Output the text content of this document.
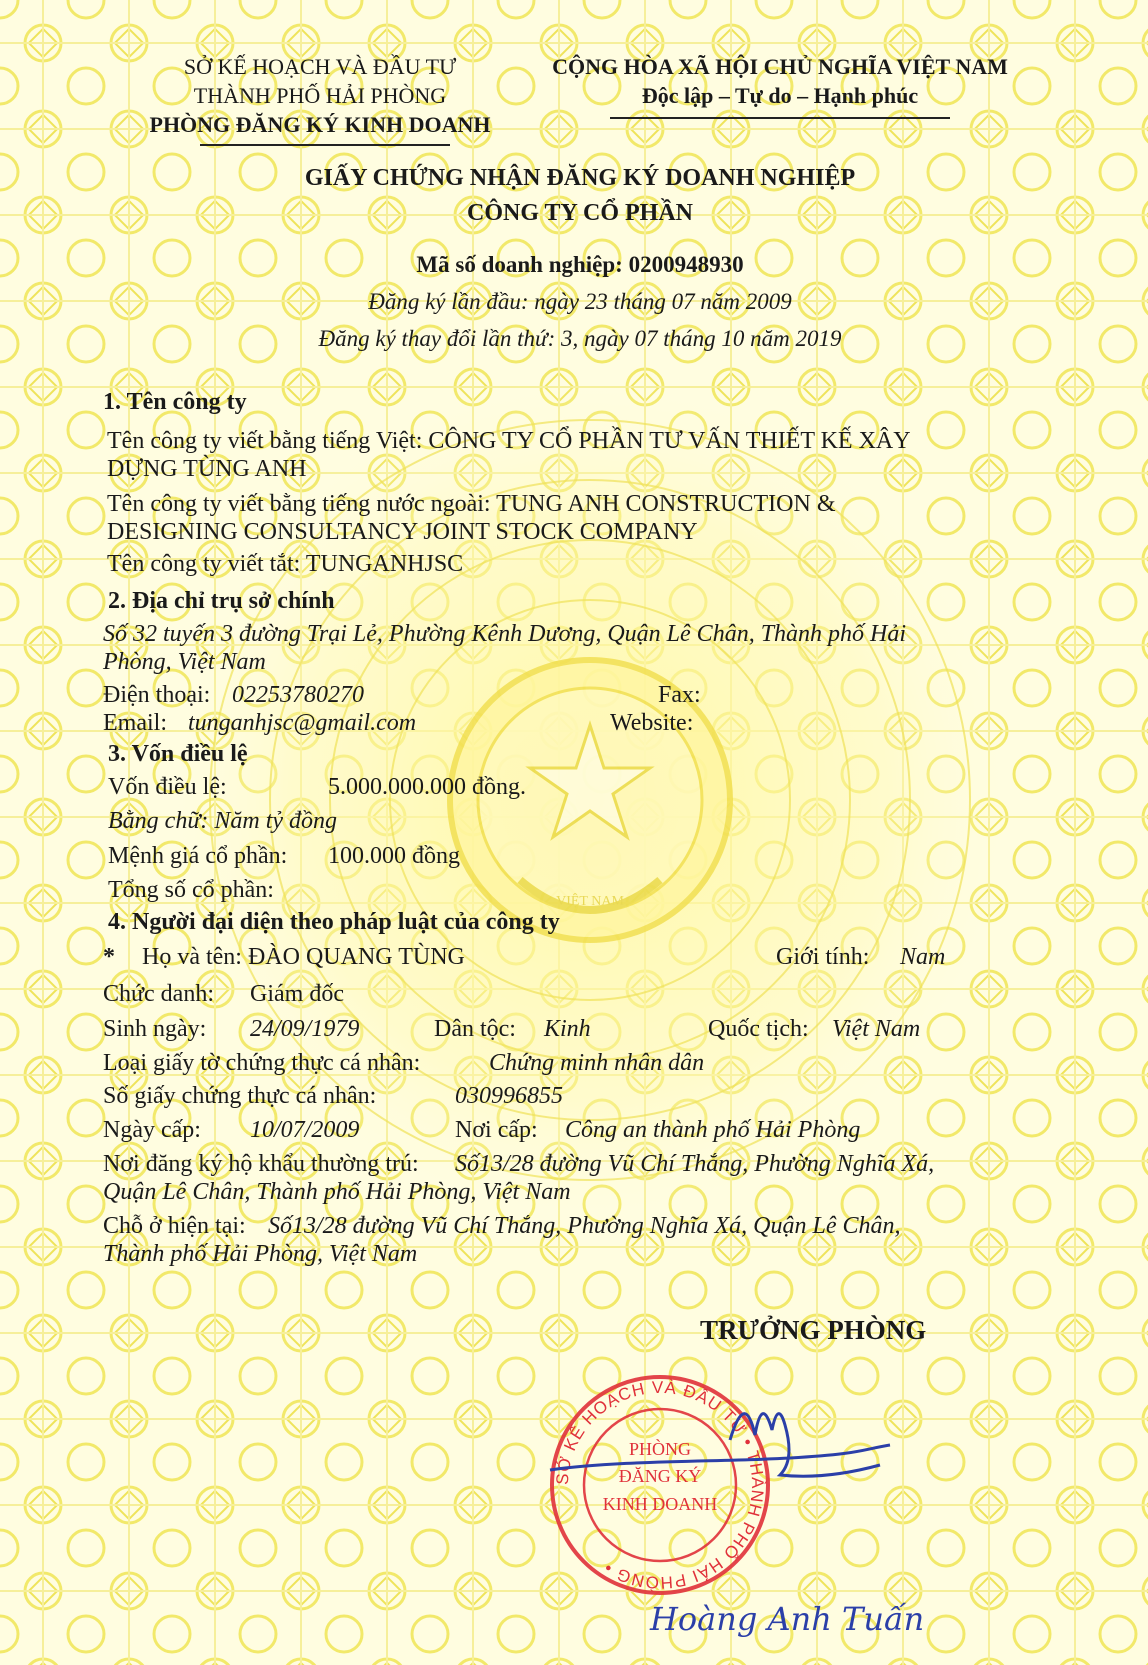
VIỆT NAM
SỞ KẾ HOẠCH VÀ ĐẦU TƯ
THÀNH PHỐ HẢI PHÒNG
PHÒNG ĐĂNG KÝ KINH DOANH
CỘNG HÒA XÃ HỘI CHỦ NGHĨA VIỆT NAM
Độc lập – Tự do – Hạnh phúc
GIẤY CHỨNG NHẬN ĐĂNG KÝ DOANH NGHIỆP
CÔNG TY CỔ PHẦN
Mã số doanh nghiệp: 0200948930
Đăng ký lần đầu: ngày 23 tháng 07 năm 2009
Đăng ký thay đổi lần thứ: 3, ngày 07 tháng 10 năm 2019
1. Tên công ty
Tên công ty viết bằng tiếng Việt: CÔNG TY CỔ PHẦN TƯ VẤN THIẾT KẾ XÂY
DỰNG TÙNG ANH
Tên công ty viết bằng tiếng nước ngoài: TUNG ANH CONSTRUCTION &
DESIGNING CONSULTANCY JOINT STOCK COMPANY
Tên công ty viết tắt: TUNGANHJSC
2. Địa chỉ trụ sở chính
Số 32 tuyến 3 đường Trại Lẻ, Phường Kênh Dương, Quận Lê Chân, Thành phố Hải
Phòng, Việt Nam
Điện thoại: 02253780270	Fax:
Email: tunganhjsc@gmail.com	Website:
3. Vốn điều lệ
Vốn điều lệ:	5.000.000.000 đồng.
Bằng chữ: Năm tỷ đồng
Mệnh giá cổ phần: 100.000 đồng
Tổng số cổ phần:
4. Người đại diện theo pháp luật của công ty
* Họ và tên: ĐÀO QUANG TÙNG	Giới tính: Nam
Chức danh: Giám đốc
Sinh ngày: 24/09/1979	Dân tộc: Kinh	Quốc tịch: Việt Nam
Loại giấy tờ chứng thực cá nhân:	Chứng minh nhân dân
Số giấy chứng thực cá nhân:	030996855
Ngày cấp: 10/07/2009	Nơi cấp: Công an thành phố Hải Phòng
Nơi đăng ký hộ khẩu thường trú: Số13/28 đường Vũ Chí Thắng, Phường Nghĩa Xá,
Quận Lê Chân, Thành phố Hải Phòng, Việt Nam
Chỗ ở hiện tại: Số13/28 đường Vũ Chí Thắng, Phường Nghĩa Xá, Quận Lê Chân,
Thành phố Hải Phòng, Việt Nam
TRƯỞNG PHÒNG
SỞ KẾ HOẠCH VÀ ĐẦU TƯ • THÀNH PHỐ HẢI PHÒNG •
PHÒNG
ĐĂNG KÝ
KINH DOANH
Hoàng Anh Tuấn
